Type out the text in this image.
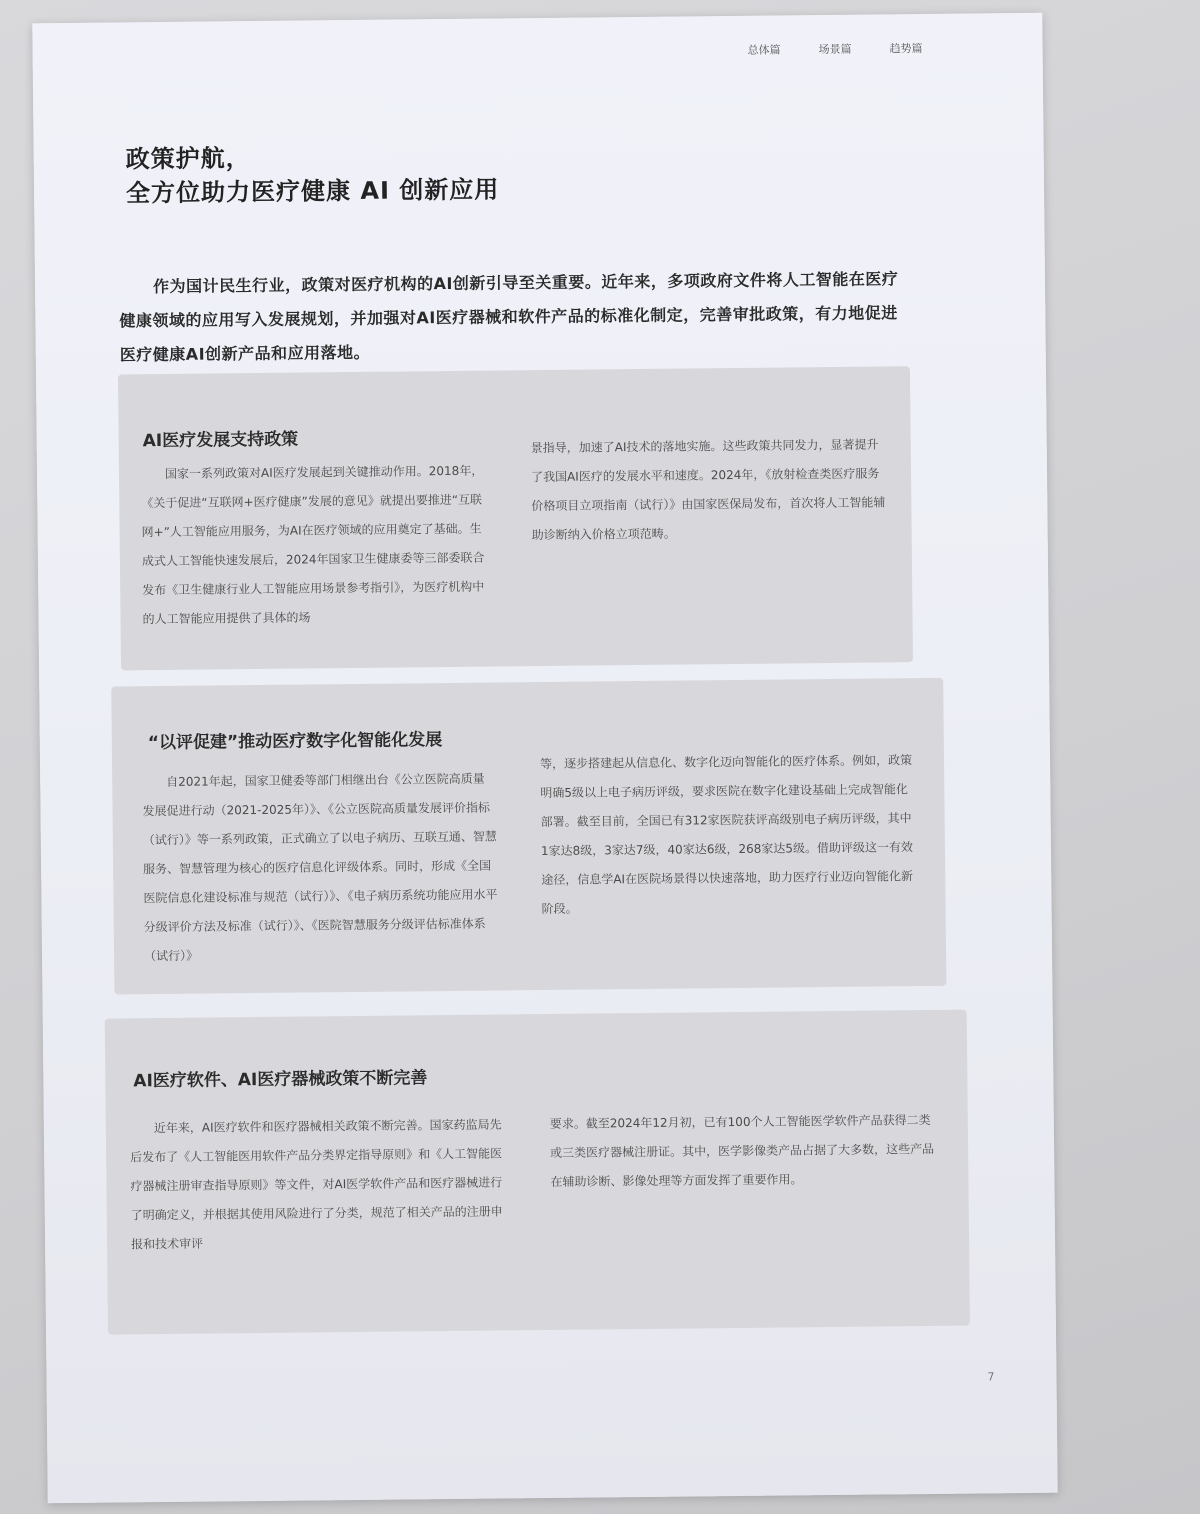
总体篇	场景篇	趋势篇
政策护航，
全方位助力医疗健康 AI 创新应用

作为国计民生行业，政策对医疗机构的AI创新引导至关重要。近年来，多项政府文件将人工智能在医疗健康领域的应用写入发展规划，并加强对AI医疗器械和软件产品的标准化制定，完善审批政策，有力地促进医疗健康AI创新产品和应用落地。

AI医疗发展支持政策
国家一系列政策对AI医疗发展起到关键推动作用。2018年，《关于促进“互联网+医疗健康”发展的意见》就提出要推进“互联网+”人工智能应用服务，为AI在医疗领域的应用奠定了基础。生成式人工智能快速发展后，2024年国家卫生健康委等三部委联合发布《卫生健康行业人工智能应用场景参考指引》，为医疗机构中的人工智能应用提供了具体的场
景指导，加速了AI技术的落地实施。这些政策共同发力，显著提升了我国AI医疗的发展水平和速度。2024年，《放射检查类医疗服务价格项目立项指南（试行）》由国家医保局发布，首次将人工智能辅助诊断纳入价格立项范畴。
“以评促建”推动医疗数字化智能化发展
自2021年起，国家卫健委等部门相继出台《公立医院高质量发展促进行动（2021-2025年）》、《公立医院高质量发展评价指标（试行）》等一系列政策，正式确立了以电子病历、互联互通、智慧服务、智慧管理为核心的医疗信息化评级体系。同时，形成《全国医院信息化建设标准与规范（试行）》、《电子病历系统功能应用水平分级评价方法及标准（试行）》、《医院智慧服务分级评估标准体系（试行）》
等，逐步搭建起从信息化、数字化迈向智能化的医疗体系。例如，政策明确5级以上电子病历评级，要求医院在数字化建设基础上完成智能化部署。截至目前，全国已有312家医院获评高级别电子病历评级，其中1家达8级，3家达7级，40家达6级，268家达5级。借助评级这一有效途径，信息学AI在医院场景得以快速落地，助力医疗行业迈向智能化新阶段。
AI医疗软件、AI医疗器械政策不断完善
近年来，AI医疗软件和医疗器械相关政策不断完善。国家药监局先后发布了《人工智能医用软件产品分类界定指导原则》和《人工智能医疗器械注册审查指导原则》等文件，对AI医学软件产品和医疗器械进行了明确定义，并根据其使用风险进行了分类，规范了相关产品的注册申报和技术审评
要求。截至2024年12月初，已有100个人工智能医学软件产品获得二类或三类医疗器械注册证。其中，医学影像类产品占据了大多数，这些产品在辅助诊断、影像处理等方面发挥了重要作用。
7
